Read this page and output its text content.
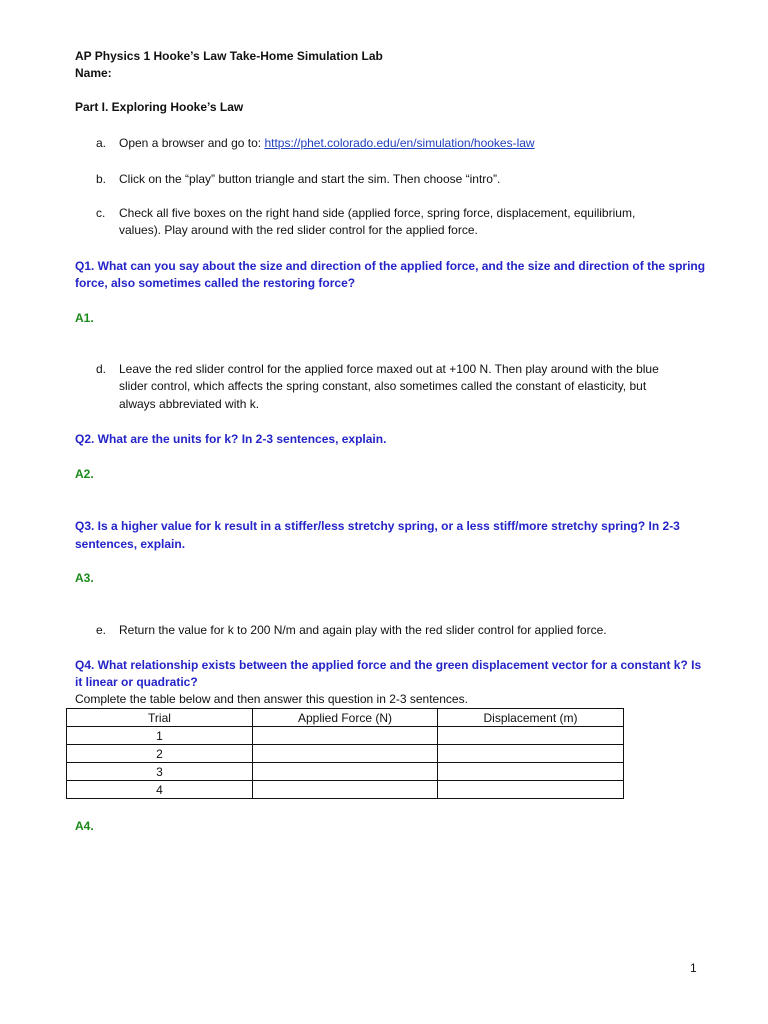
AP Physics 1 Hooke’s Law Take-Home Simulation Lab
Name:
Part I. Exploring Hooke’s Law
a. Open a browser and go to: https://phet.colorado.edu/en/simulation/hookes-law
b. Click on the “play” button triangle and start the sim. Then choose “intro”.
c. Check all five boxes on the right hand side (applied force, spring force, displacement, equilibrium,
values). Play around with the red slider control for the applied force.
Q1. What can you say about the size and direction of the applied force, and the size and direction of the spring
force, also sometimes called the restoring force?
A1.
d. Leave the red slider control for the applied force maxed out at +100 N. Then play around with the blue
slider control, which affects the spring constant, also sometimes called the constant of elasticity, but
always abbreviated with k.
Q2. What are the units for k? In 2-3 sentences, explain.
A2.
Q3. Is a higher value for k result in a stiffer/less stretchy spring, or a less stiff/more stretchy spring? In 2-3
sentences, explain.
A3.
e. Return the value for k to 200 N/m and again play with the red slider control for applied force.
Q4. What relationship exists between the applied force and the green displacement vector for a constant k? Is
it linear or quadratic?
Complete the table below and then answer this question in 2-3 sentences.
Trial	Applied Force (N)	Displacement (m)
1		
2		
3		
4		
A4.
1
